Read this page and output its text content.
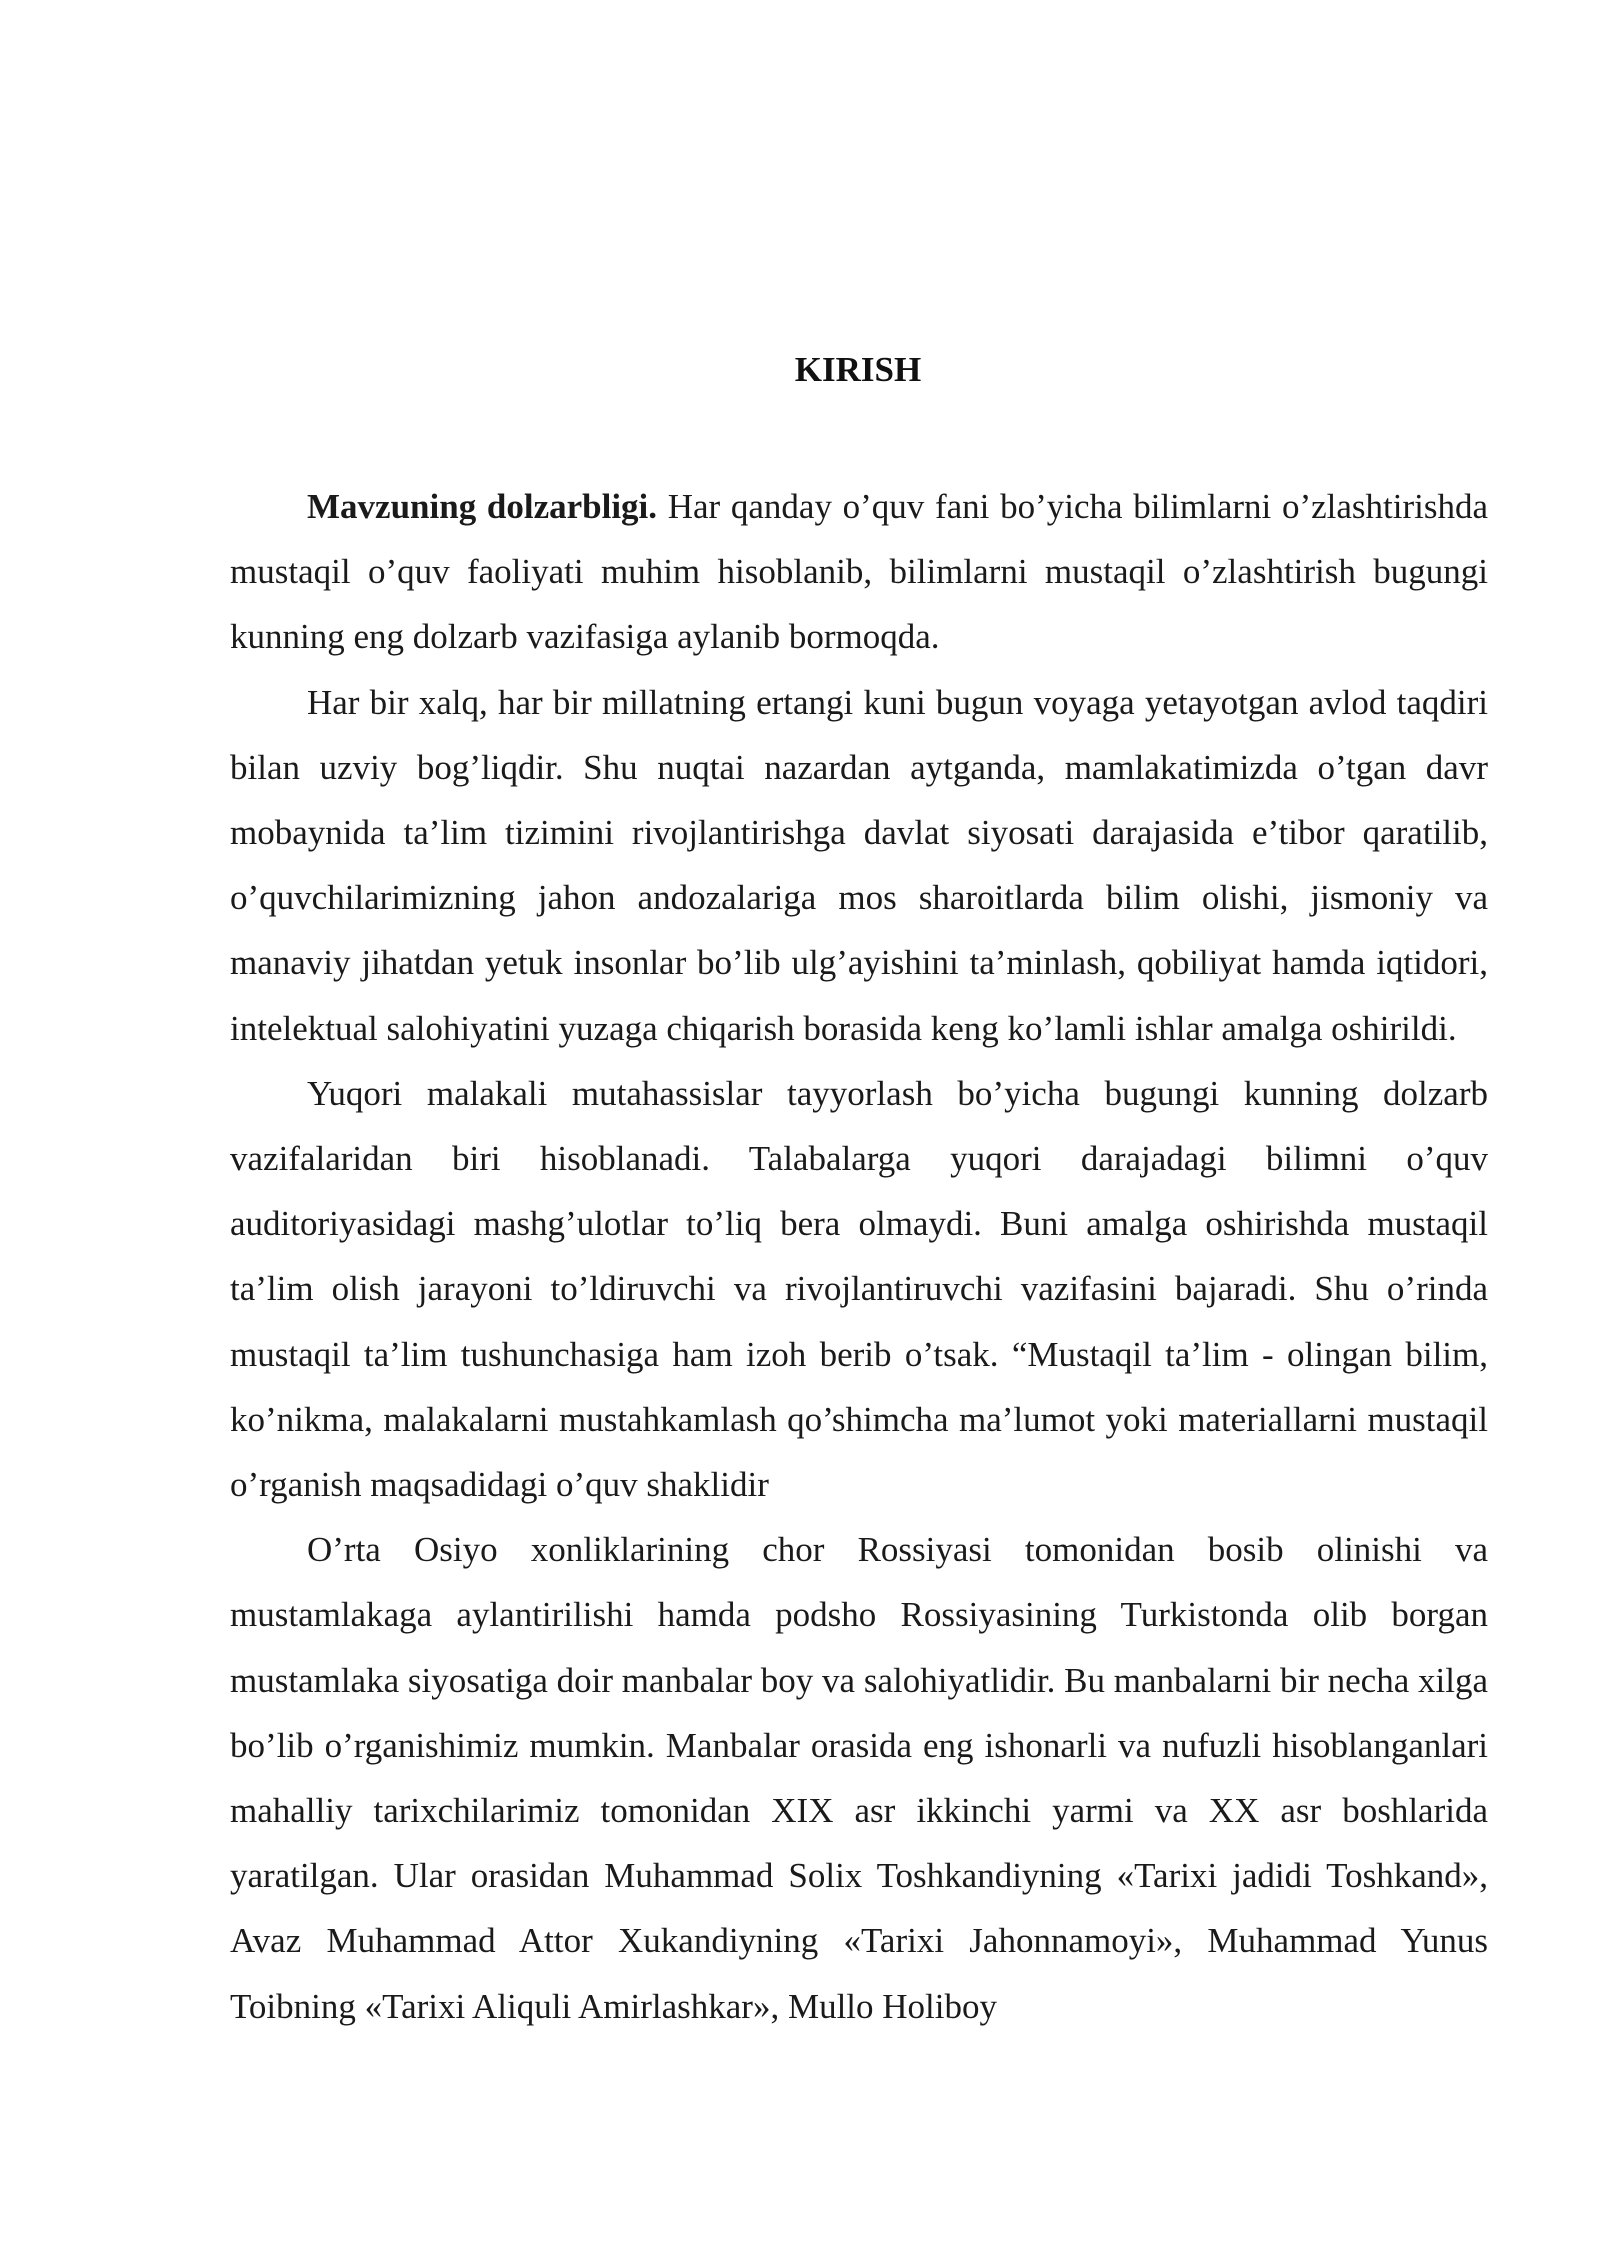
KIRISH

Mavzuning dolzarbligi. Har qanday o’quv fani bo’yicha bilimlarni o’zlashtirishda mustaqil o’quv faoliyati muhim hisoblanib, bilimlarni mustaqil o’zlashtirish bugungi kunning eng dolzarb vazifasiga aylanib bormoqda.

Har bir xalq, har bir millatning ertangi kuni bugun voyaga yetayotgan avlod taqdiri bilan uzviy bog’liqdir. Shu nuqtai nazardan aytganda, mamlakatimizda o’tgan davr mobaynida ta’lim tizimini rivojlantirishga davlat siyosati darajasida e’tibor qaratilib, o’quvchilarimizning jahon andozalariga mos sharoitlarda bilim olishi, jismoniy va manaviy jihatdan yetuk insonlar bo’lib ulg’ayishini ta’minlash, qobiliyat hamda iqtidori, intelektual salohiyatini yuzaga chiqarish borasida keng ko’lamli ishlar amalga oshirildi.

Yuqori malakali mutahassislar tayyorlash bo’yicha bugungi kunning dolzarb vazifalaridan biri hisoblanadi. Talabalarga yuqori darajadagi bilimni o’quv auditoriyasidagi mashg’ulotlar to’liq bera olmaydi. Buni amalga oshirishda mustaqil ta’lim olish jarayoni to’ldiruvchi va rivojlantiruvchi vazifasini bajaradi. Shu o’rinda mustaqil ta’lim tushunchasiga ham izoh berib o’tsak. “Mustaqil ta’lim - olingan bilim, ko’nikma, malakalarni mustahkamlash qo’shimcha ma’lumot yoki materiallarni mustaqil o’rganish maqsadidagi o’quv shaklidir

O’rta Osiyo xonliklarining chor Rossiyasi tomonidan bosib olinishi va mustamlakaga aylantirilishi hamda podsho Rossiyasining Turkistonda olib borgan mustamlaka siyosatiga doir manbalar boy va salohiyatlidir. Bu manbalarni bir necha xilga bo’lib o’rganishimiz mumkin. Manbalar orasida eng ishonarli va nufuzli hisoblanganlari mahalliy tarixchilarimiz tomonidan XIX asr ikkinchi yarmi va XX asr boshlarida yaratilgan. Ular orasidan Muhammad Solix Toshkandiyning «Tarixi jadidi Toshkand», Avaz Muhammad Attor Xukandiyning «Tarixi Jahonnamoyi», Muhammad Yunus Toibning «Tarixi Aliquli Amirlashkar», Mullo Holiboy
